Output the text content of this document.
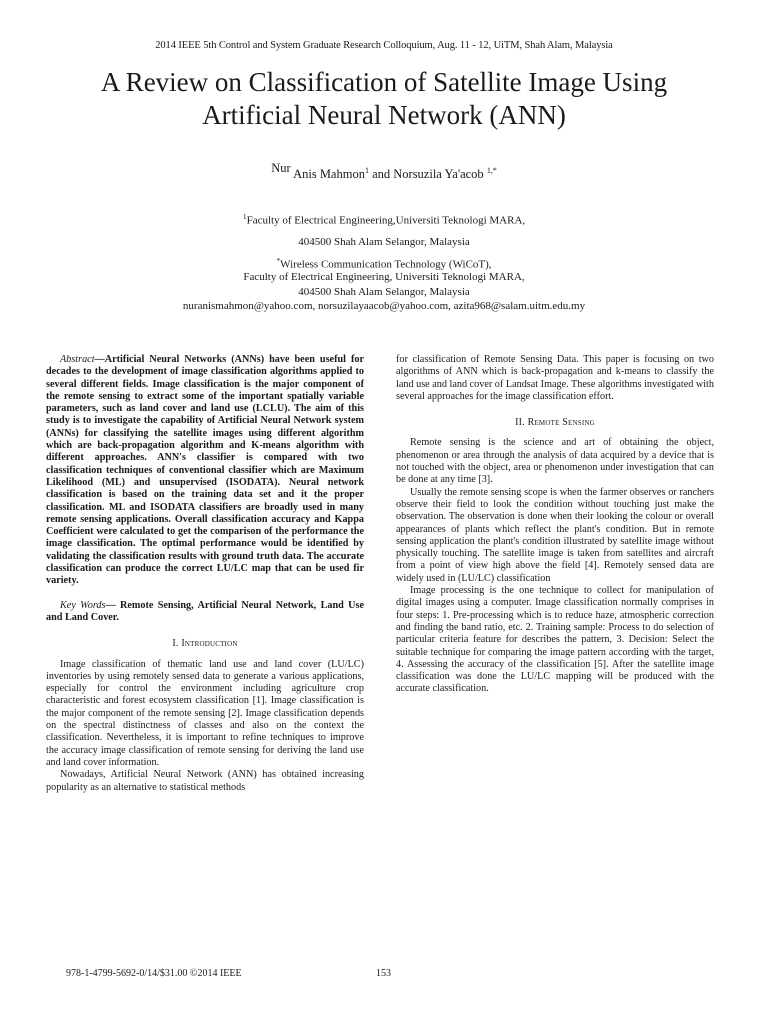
2014 IEEE 5th Control and System Graduate Research Colloquium, Aug. 11 - 12, UiTM, Shah Alam, Malaysia
A Review on Classification of Satellite Image Using
Artificial Neural Network (ANN)
Nur Anis Mahmon$^1$ and Norsuzila Ya'acob $^{1,*}$
$^1$Faculty of Electrical Engineering,Universiti Teknologi MARA,
404500 Shah Alam Selangor, Malaysia
*Wireless Communication Technology (WiCoT),
Faculty of Electrical Engineering, Universiti Teknologi MARA,
404500 Shah Alam Selangor, Malaysia
nuranismahmon@yahoo.com, norsuzilayaacob@yahoo.com, azita968@salam.uitm.edu.my

Abstract—Artificial Neural Networks (ANNs) have been useful for decades to the development of image classification algorithms applied to several different fields. Image classification is the major component of the remote sensing to extract some of the important spatially variable parameters, such as land cover and land use (LCLU). The aim of this study is to investigate the capability of Artificial Neural Network system (ANNs) for classifying the satellite images using different algorithm which are back-propagation algorithm and K-means algorithm with different approaches. ANN's classifier is compared with two classification techniques of conventional classifier which are Maximum Likelihood (ML) and unsupervised (ISODATA). Neural network classification is based on the training data set and it the proper classification. ML and ISODATA classifiers are broadly used in many remote sensing applications. Overall classification accuracy and Kappa Coefficient were calculated to get the comparison of the performance the image classification. The optimal performance would be identified by validating the classification results with ground truth data. The accurate classification can produce the correct LU/LC map that can be used fir variety.

Key Words— Remote Sensing, Artificial Neural Network, Land Use and Land Cover.

I. Introduction

Image classification of thematic land use and land cover (LU/LC) inventories by using remotely sensed data to generate a various applications, especially for control the environment including agriculture crop characteristic and forest ecosystem classification [1]. Image classification is the major component of the remote sensing [2]. Image classification depends on the spectral distinctness of classes and also on the context the classification. Nevertheless, it is important to refine techniques to improve the accuracy image classification of remote sensing for deriving the land use and land cover information.

Nowadays, Artificial Neural Network (ANN) has obtained increasing popularity as an alternative to statistical methods

for classification of Remote Sensing Data. This paper is focusing on two algorithms of ANN which is back-propagation and k-means to classify the land use and land cover of Landsat Image. These algorithms investigated with several approaches for the image classification effort.

II. Remote Sensing

Remote sensing is the science and art of obtaining the object, phenomenon or area through the analysis of data acquired by a device that is not touched with the object, area or phenomenon under investigation that can be done at any time [3].

Usually the remote sensing scope is when the farmer observes or ranchers observe their field to look the condition without touching just make the observation. The observation is done when their looking the colour or overall appearances of plants which reflect the plant's condition. But in remote sensing application the plant's condition illustrated by satellite image without physically touching. The satellite image is taken from satellites and aircraft from a point of view high above the field [4]. Remotely sensed data are widely used in (LU/LC) classification

Image processing is the one technique to collect for manipulation of digital images using a computer. Image classification normally comprises in four steps: 1. Pre-processing which is to reduce haze, atmospheric correction and finding the band ratio, etc. 2. Training sample: Process to do selection of particular criteria feature for describes the pattern, 3. Decision: Select the suitable technique for comparing the image pattern according with the target, 4. Assessing the accuracy of the classification [5]. After the satellite image classification was done the LU/LC mapping will be produced with the accurate classification.

978-1-4799-5692-0/14/$31.00 ©2014 IEEE	153
